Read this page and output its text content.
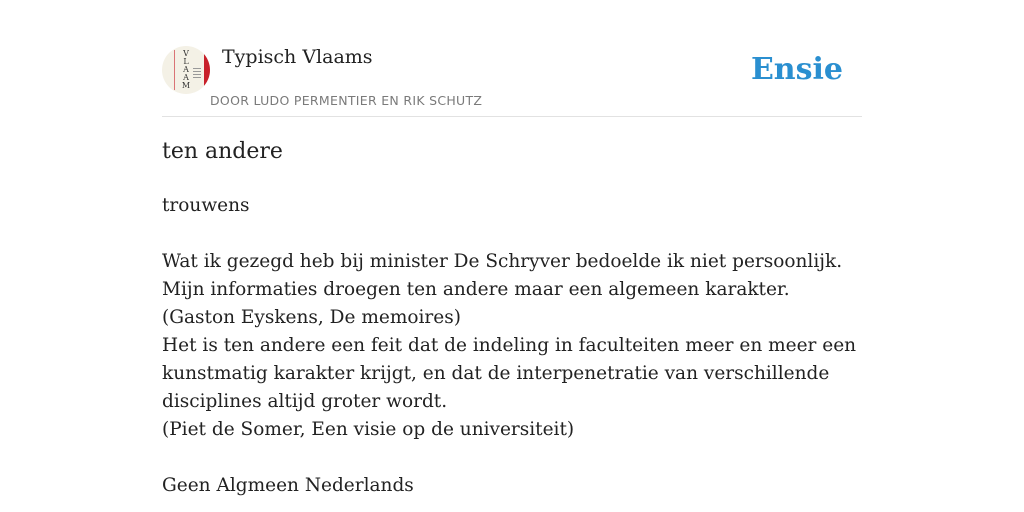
V
L
A
A
M
Typisch Vlaams
DOOR LUDO PERMENTIER EN RIK SCHUTZ
Ensie
ten andere

trouwens

Wat ik gezegd heb bij minister De Schryver bedoelde ik niet persoonlijk. Mijn informaties droegen ten andere maar een algemeen karakter.

(Gaston Eyskens, De memoires)

Het is ten andere een feit dat de indeling in faculteiten meer en meer een kunstmatig karakter krijgt, en dat de interpenetratie van verschillende disciplines altijd groter wordt.

(Piet de Somer, Een visie op de universiteit)

Geen Algmeen Nederlands
